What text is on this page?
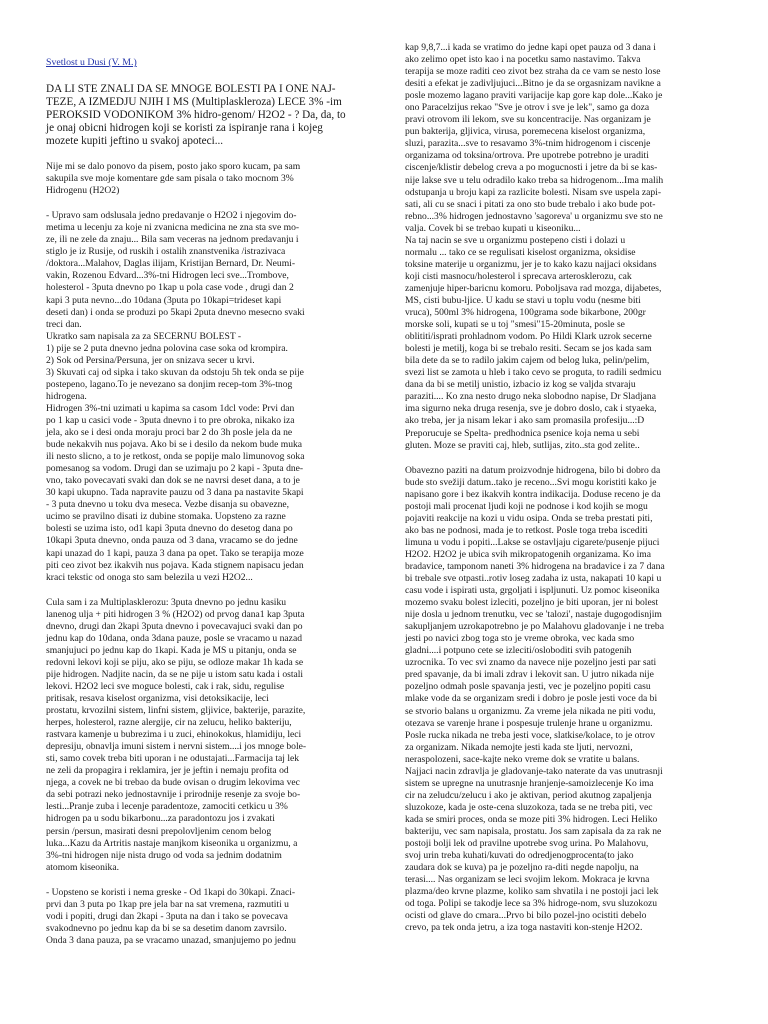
Svetlost u Dusi (V. M.)
DA LI STE ZNALI DA SE MNOGE BOLESTI PA I ONE NAJ-
TEZE, A IZMEDJU NJIH I MS (Multiplaskleroza) LECE 3% -im
PEROKSID VODONIKOM 3% hidro-genom/ H2O2 - ? Da, da, to
je onaj obicni hidrogen koji se koristi za ispiranje rana i kojeg
mozete kupiti jeftino u svakoj apoteci...

Nije mi se dalo ponovo da pisem, posto jako sporo kucam, pa sam
sakupila sve moje komentare gde sam pisala o tako mocnom 3%
Hidrogenu (H2O2)

- Upravo sam odslusala jedno predavanje o H2O2 i njegovim do-
metima u lecenju za koje ni zvanicna medicina ne zna sta sve mo-
ze, ili ne zele da znaju... Bila sam veceras na jednom predavanju i
stiglo je iz Rusije, od ruskih i ostalih znanstvenika /istrazivaca
/doktora...Malahov, Daglas ilijam, Kristijan Bernard, Dr. Neumi-
vakin, Rozenou Edvard...3%-tni Hidrogen leci sve...Trombove,
holesterol - 3puta dnevno po 1kap u pola case vode , drugi dan 2
kapi 3 puta nevno...do 10dana (3puta po 10kapi=trideset kapi
deseti dan) i onda se produzi po 5kapi 2puta dnevno mesecno svaki
treci dan.
Ukratko sam napisala za za SECERNU BOLEST -
1) pije se 2 puta dnevno jedna polovina case soka od krompira.
2) Sok od Persina/Persuna, jer on snizava secer u krvi.
3) Skuvati caj od sipka i tako skuvan da odstoju 5h tek onda se pije
postepeno, lagano.To je nevezano sa donjim recep-tom 3%-tnog
hidrogena.
Hidrogen 3%-tni uzimati u kapima sa casom 1dcl vode: Prvi dan
po 1 kap u casici vode - 3puta dnevno i to pre obroka, nikako iza
jela, ako se i desi onda moraju proci bar 2 do 3h posle jela da ne
bude nekakvih nus pojava. Ako bi se i desilo da nekom bude muka
ili nesto slicno, a to je retkost, onda se popije malo limunovog soka
pomesanog sa vodom. Drugi dan se uzimaju po 2 kapi - 3puta dne-
vno, tako povecavati svaki dan dok se ne navrsi deset dana, a to je
30 kapi ukupno. Tada napravite pauzu od 3 dana pa nastavite 5kapi
- 3 puta dnevno u toku dva meseca. Vezbe disanja su obavezne,
ucimo se pravilno disati iz dubine stomaka. Uopsteno za razne
bolesti se uzima isto, od1 kapi 3puta dnevno do desetog dana po
10kapi 3puta dnevno, onda pauza od 3 dana, vracamo se do jedne
kapi unazad do 1 kapi, pauza 3 dana pa opet. Tako se terapija moze
piti ceo zivot bez ikakvih nus pojava. Kada stignem napisacu jedan
kraci tekstic od onoga sto sam belezila u vezi H2O2...

Cula sam i za Multiplasklerozu: 3puta dnevno po jednu kasiku
lanenog ulja + piti hidrogen 3 % (H2O2) od prvog dana1 kap 3puta
dnevno, drugi dan 2kapi 3puta dnevno i povecavajuci svaki dan po
jednu kap do 10dana, onda 3dana pauze, posle se vracamo u nazad
smanjujuci po jednu kap do 1kapi. Kada je MS u pitanju, onda se
redovni lekovi koji se piju, ako se piju, se odloze makar 1h kada se
pije hidrogen. Nadjite nacin, da se ne pije u istom satu kada i ostali
lekovi. H2O2 leci sve moguce bolesti, cak i rak, sidu, regulise
pritisak, resava kiselost organizma, visi detoksikacije, leci
prostatu, krvozilni sistem, linfni sistem, gljivice, bakterije, parazite,
herpes, holesterol, razne alergije, cir na zelucu, heliko bakteriju,
rastvara kamenje u bubrezima i u zuci, ehinokokus, hlamidiju, leci
depresiju, obnavlja imuni sistem i nervni sistem....i jos mnoge bole-
sti, samo covek treba biti uporan i ne odustajati...Farmacija taj lek
ne zeli da propagira i reklamira, jer je jeftin i nemaju profita od
njega, a covek ne bi trebao da bude ovisan o drugim lekovima vec
da sebi potrazi neko jednostavnije i prirodnije resenje za svoje bo-
lesti...Pranje zuba i lecenje paradentoze, zamociti cetkicu u 3%
hidrogen pa u sodu bikarbonu...za paradontozu jos i zvakati
persin /persun, masirati desni prepolovljenim cenom belog
luka...Kazu da Artritis nastaje manjkom kiseonika u organizmu, a
3%-tni hidrogen nije nista drugo od voda sa jednim dodatnim
atomom kiseonika.

- Uopsteno se koristi i nema greske - Od 1kapi do 30kapi. Znaci-
prvi dan 3 puta po 1kap pre jela bar na sat vremena, razmutiti u
vodi i popiti, drugi dan 2kapi - 3puta na dan i tako se povecava
svakodnevno po jednu kap da bi se sa desetim danom zavrsilo.
Onda 3 dana pauza, pa se vracamo unazad, smanjujemo po jednu

kap 9,8,7...i kada se vratimo do jedne kapi opet pauza od 3 dana i
ako zelimo opet isto kao i na pocetku samo nastavimo. Takva
terapija se moze raditi ceo zivot bez straha da ce vam se nesto lose
desiti a efekat je zadivljujuci...Bitno je da se orgasnizam navikne a
posle mozemo lagano praviti varijacije kap gore kap dole...Kako je
ono Paracelzijus rekao "Sve je otrov i sve je lek", samo ga doza
pravi otrovom ili lekom, sve su koncentracije. Nas organizam je
pun bakterija, gljivica, virusa, poremecena kiselost organizma,
sluzi, parazita...sve to resavamo 3%-tnim hidrogenom i ciscenje
organizama od toksina/ortrova. Pre upotrebe potrebno je uraditi
ciscenje/klistir debelog creva a po mogucnosti i jetre da bi se kas-
nije lakse sve u telu odradilo kako treba sa hidrogenom...Ima malih
odstupanja u broju kapi za razlicite bolesti. Nisam sve uspela zapi-
sati, ali cu se snaci i pitati za ono sto bude trebalo i ako bude pot-
rebno...3% hidrogen jednostavno 'sagoreva' u organizmu sve sto ne
valja. Covek bi se trebao kupati u kiseoniku...
Na taj nacin se sve u organizmu postepeno cisti i dolazi u
normalu ... tako ce se regulisati kiselost organizma, oksidise
toksine materije u organizmu, jer je to kako kazu najjaci oksidans
koji cisti masnocu/holesterol i sprecava arterosklerozu, cak
zamenjuje hiper-baricnu komoru. Poboljsava rad mozga, dijabetes,
MS, cisti bubu-ljice. U kadu se stavi u toplu vodu (nesme biti
vruca), 500ml 3% hidrogena, 100grama sode bikarbone, 200gr
morske soli, kupati se u toj "smesi"15-20minuta, posle se
oblititi/isprati prohladnom vodom. Po Hildi Klark uzrok secerne
bolesti je metilj, koga bi se trebalo resiti. Secam se jos kada sam
bila dete da se to radilo jakim cajem od belog luka, pelin/pelim,
svezi list se zamota u hleb i tako cevo se proguta, to radili sedmicu
dana da bi se metilj unistio, izbacio iz kog se valjda stvaraju
paraziti.... Ko zna nesto drugo neka slobodno napise, Dr Sladjana
ima sigurno neka druga resenja, sve je dobro doslo, cak i styaeka,
ako treba, jer ja nisam lekar i ako sam promasila profesiju...:D
Preporucuje se Spelta- predhodnica psenice koja nema u sebi
gluten. Moze se praviti caj, hleb, sutlijas, zito..sta god zelite..

Obavezno paziti na datum proizvodnje hidrogena, bilo bi dobro da
bude sto svežiji datum..tako je receno...Svi mogu koristiti kako je
napisano gore i bez ikakvih kontra indikacija. Doduse receno je da
postoji mali procenat ljudi koji ne podnose i kod kojih se mogu
pojaviti reakcije na kozi u vidu osipa. Onda se treba prestati piti,
ako bas ne podnosi, mada je to retkost. Posle toga treba iscediti
limuna u vodu i popiti...Lakse se ostavljaju cigarete/pusenje pijuci
H2O2. H2O2 je ubica svih mikropatogenih organizama. Ko ima
bradavice, tamponom naneti 3% hidrogena na bradavice i za 7 dana
bi trebale sve otpasti..rotiv loseg zadaha iz usta, nakapati 10 kapi u
casu vode i ispirati usta, grgoljati i ispljunuti. Uz pomoc kiseonika
mozemo svaku bolest izleciti, pozeljno je biti uporan, jer ni bolest
nije dosla u jednom trenutku, vec se 'talozi', nastaje dugogodisnjim
sakupljanjem uzrokapotrebno je po Malahovu gladovanje i ne treba
jesti po navici zbog toga sto je vreme obroka, vec kada smo
gladni....i potpuno cete se izleciti/osloboditi svih patogenih
uzrocnika. To vec svi znamo da navece nije pozeljno jesti par sati
pred spavanje, da bi imali zdrav i lekovit san. U jutro nikada nije
pozeljno odmah posle spavanja jesti, vec je pozeljno popiti casu
mlake vode da se organizam sredi i dobro je posle jesti voce da bi
se stvorio balans u organizmu. Za vreme jela nikada ne piti vodu,
otezava se varenje hrane i pospesuje trulenje hrane u organizmu.
Posle rucka nikada ne treba jesti voce, slatkise/kolace, to je otrov
za organizam. Nikada nemojte jesti kada ste ljuti, nervozni,
neraspolozeni, sace-kajte neko vreme dok se vratite u balans.
Najjaci nacin zdravlja je gladovanje-tako naterate da vas unutrasnji
sistem se upregne na unutrasnje hranjenje-samoizlecenje Ko ima
cir na zeludcu/zelucu i ako je aktivan, period akutnog zapaljenja
sluzokoze, kada je oste-cena sluzokoza, tada se ne treba piti, vec
kada se smiri proces, onda se moze piti 3% hidrogen. Leci Heliko
bakteriju, vec sam napisala, prostatu. Jos sam zapisala da za rak ne
postoji bolji lek od pravilne upotrebe svog urina. Po Malahovu,
svoj urin treba kuhati/kuvati do odredjenogprocenta(to jako
zaudara dok se kuva) pa je pozeljno ra-diti negde napolju, na
terasi.... Nas organizam se leci svojim lekom. Mokraca je krvna
plazma/deo krvne plazme, koliko sam shvatila i ne postoji jaci lek
od toga. Polipi se takodje lece sa 3% hidroge-nom, svu sluzokozu
ocisti od glave do cmara...Prvo bi bilo pozel-jno ocistiti debelo
crevo, pa tek onda jetru, a iza toga nastaviti kon-stenje H2O2.
